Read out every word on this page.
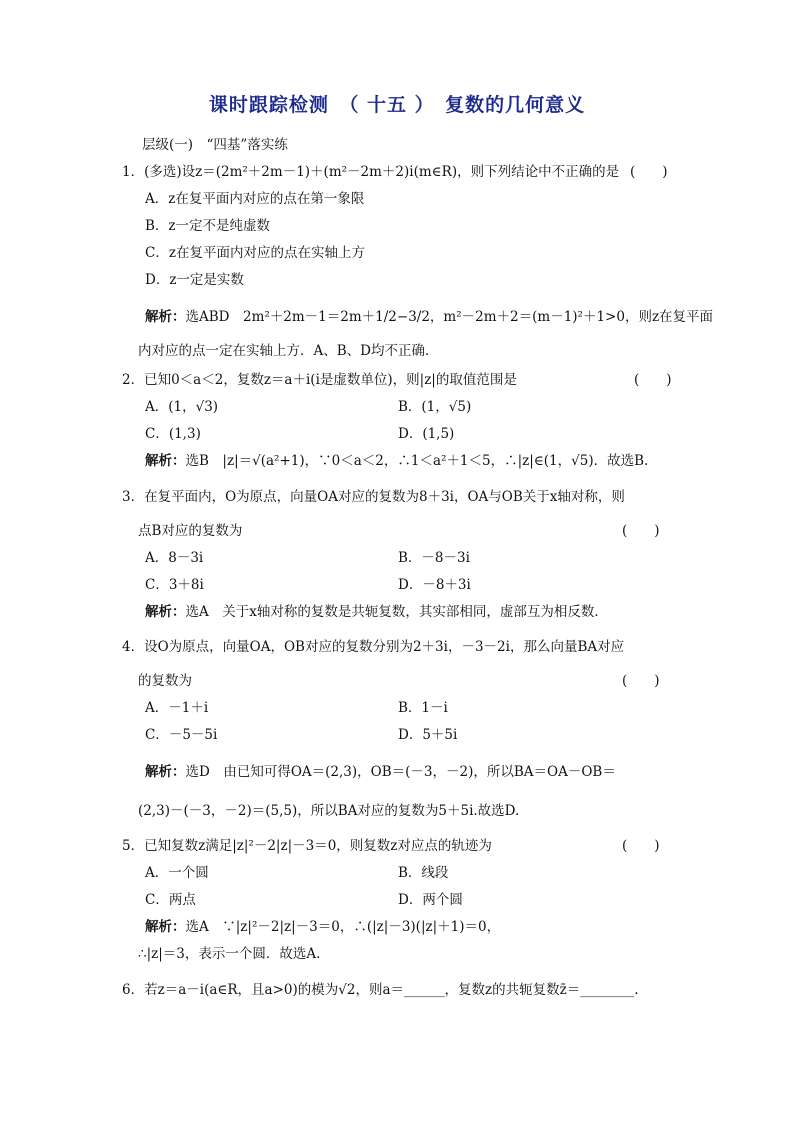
课时跟踪检测　（ 十五 ）　复数的几何意义
层级(一)　“四基”落实练
1．(多选)设z＝(2m²＋2m－1)＋(m²－2m＋2)i(m∈R)，则下列结论中不正确的是 (　　)
A．z在复平面内对应的点在第一象限
B．z一定不是纯虚数
C．z在复平面内对应的点在实轴上方
D．z一定是实数
解析：选ABD　2m²＋2m－1＝2m＋1/2−3/2，m²－2m＋2＝(m－1)²＋1>0，则z在复平面
内对应的点一定在实轴上方．A、B、D均不正确．
2．已知0＜a＜2，复数z＝a＋i(i是虚数单位)，则|z|的取值范围是	(　　)
A．(1，√3)	B．(1，√5)
C．(1,3)	D．(1,5)
解析：选B　|z|＝√(a²+1)，∵0＜a＜2，∴1＜a²＋1＜5，∴|z|∈(1，√5)．故选B.
3．在复平面内，O为原点，向量OA对应的复数为8＋3i，OA与OB关于x轴对称，则
点B对应的复数为	(　　)
A．8－3i	B．－8－3i
C．3＋8i	D．－8＋3i
解析：选A　关于x轴对称的复数是共轭复数，其实部相同，虚部互为相反数．
4．设O为原点，向量OA，OB对应的复数分别为2＋3i，－3－2i，那么向量BA对应
的复数为	(　　)
A．－1＋i	B．1－i
C．－5－5i	D．5＋5i
解析：选D　由已知可得OA＝(2,3)，OB＝(－3，－2)，所以BA＝OA－OB＝
(2,3)－(－3，－2)＝(5,5)，所以BA对应的复数为5＋5i.故选D.
5．已知复数z满足|z|²－2|z|－3＝0，则复数z对应点的轨迹为	(　　)
A．一个圆	B．线段
C．两点	D．两个圆
解析：选A　∵|z|²－2|z|－3＝0，∴(|z|－3)(|z|＋1)＝0，
∴|z|＝3，表示一个圆．故选A.
6．若z＝a－i(a∈R，且a>0)的模为√2，则a＝______，复数z的共轭复数z̄＝________.
